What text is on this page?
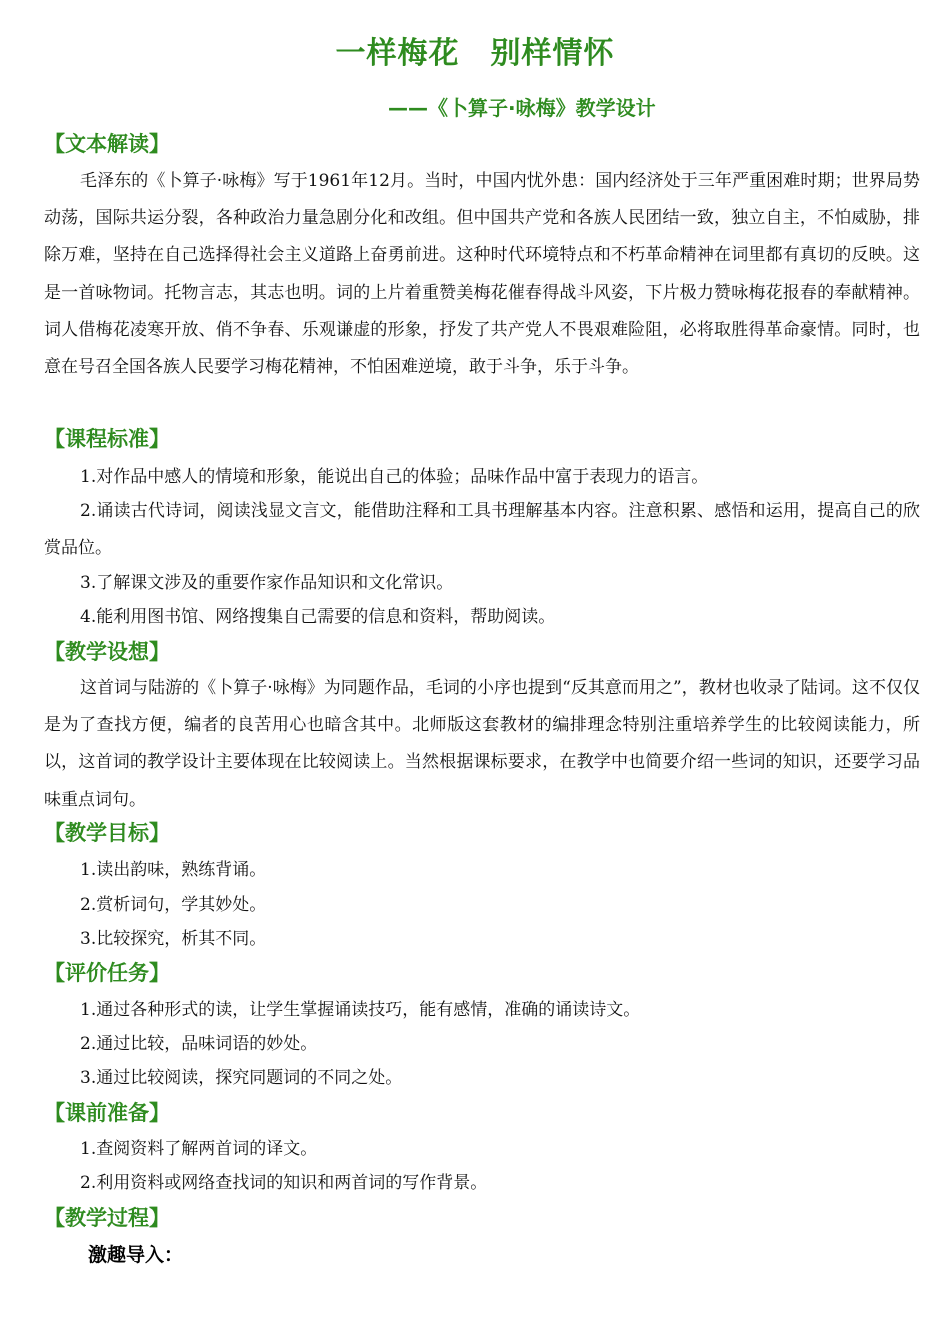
一样梅花　别样情怀
——《卜算子·咏梅》教学设计
【文本解读】

毛泽东的《卜算子·咏梅》写于1961年12月。当时，中国内忧外患：国内经济处于三年严重困难时期；世界局势动荡，国际共运分裂，各种政治力量急剧分化和改组。但中国共产党和各族人民团结一致，独立自主，不怕威胁，排除万难，坚持在自己选择得社会主义道路上奋勇前进。这种时代环境特点和不朽革命精神在词里都有真切的反映。这是一首咏物词。托物言志，其志也明。词的上片着重赞美梅花催春得战斗风姿，下片极力赞咏梅花报春的奉献精神。词人借梅花凌寒开放、俏不争春、乐观谦虚的形象，抒发了共产党人不畏艰难险阻，必将取胜得革命豪情。同时，也意在号召全国各族人民要学习梅花精神，不怕困难逆境，敢于斗争，乐于斗争。

【课程标准】

1.对作品中感人的情境和形象，能说出自己的体验；品味作品中富于表现力的语言。

2.诵读古代诗词，阅读浅显文言文，能借助注释和工具书理解基本内容。注意积累、感悟和运用，提高自己的欣赏品位。

3.了解课文涉及的重要作家作品知识和文化常识。

4.能利用图书馆、网络搜集自己需要的信息和资料，帮助阅读。

【教学设想】

这首词与陆游的《卜算子·咏梅》为同题作品，毛词的小序也提到“反其意而用之”，教材也收录了陆词。这不仅仅是为了查找方便，编者的良苦用心也暗含其中。北师版这套教材的编排理念特别注重培养学生的比较阅读能力，所以，这首词的教学设计主要体现在比较阅读上。当然根据课标要求，在教学中也简要介绍一些词的知识，还要学习品味重点词句。

【教学目标】

1.读出韵味，熟练背诵。

2.赏析词句，学其妙处。

3.比较探究，析其不同。

【评价任务】

1.通过各种形式的读，让学生掌握诵读技巧，能有感情，准确的诵读诗文。

2.通过比较，品味词语的妙处。

3.通过比较阅读，探究同题词的不同之处。

【课前准备】

1.查阅资料了解两首词的译文。

2.利用资料或网络查找词的知识和两首词的写作背景。

【教学过程】
激趣导入：
